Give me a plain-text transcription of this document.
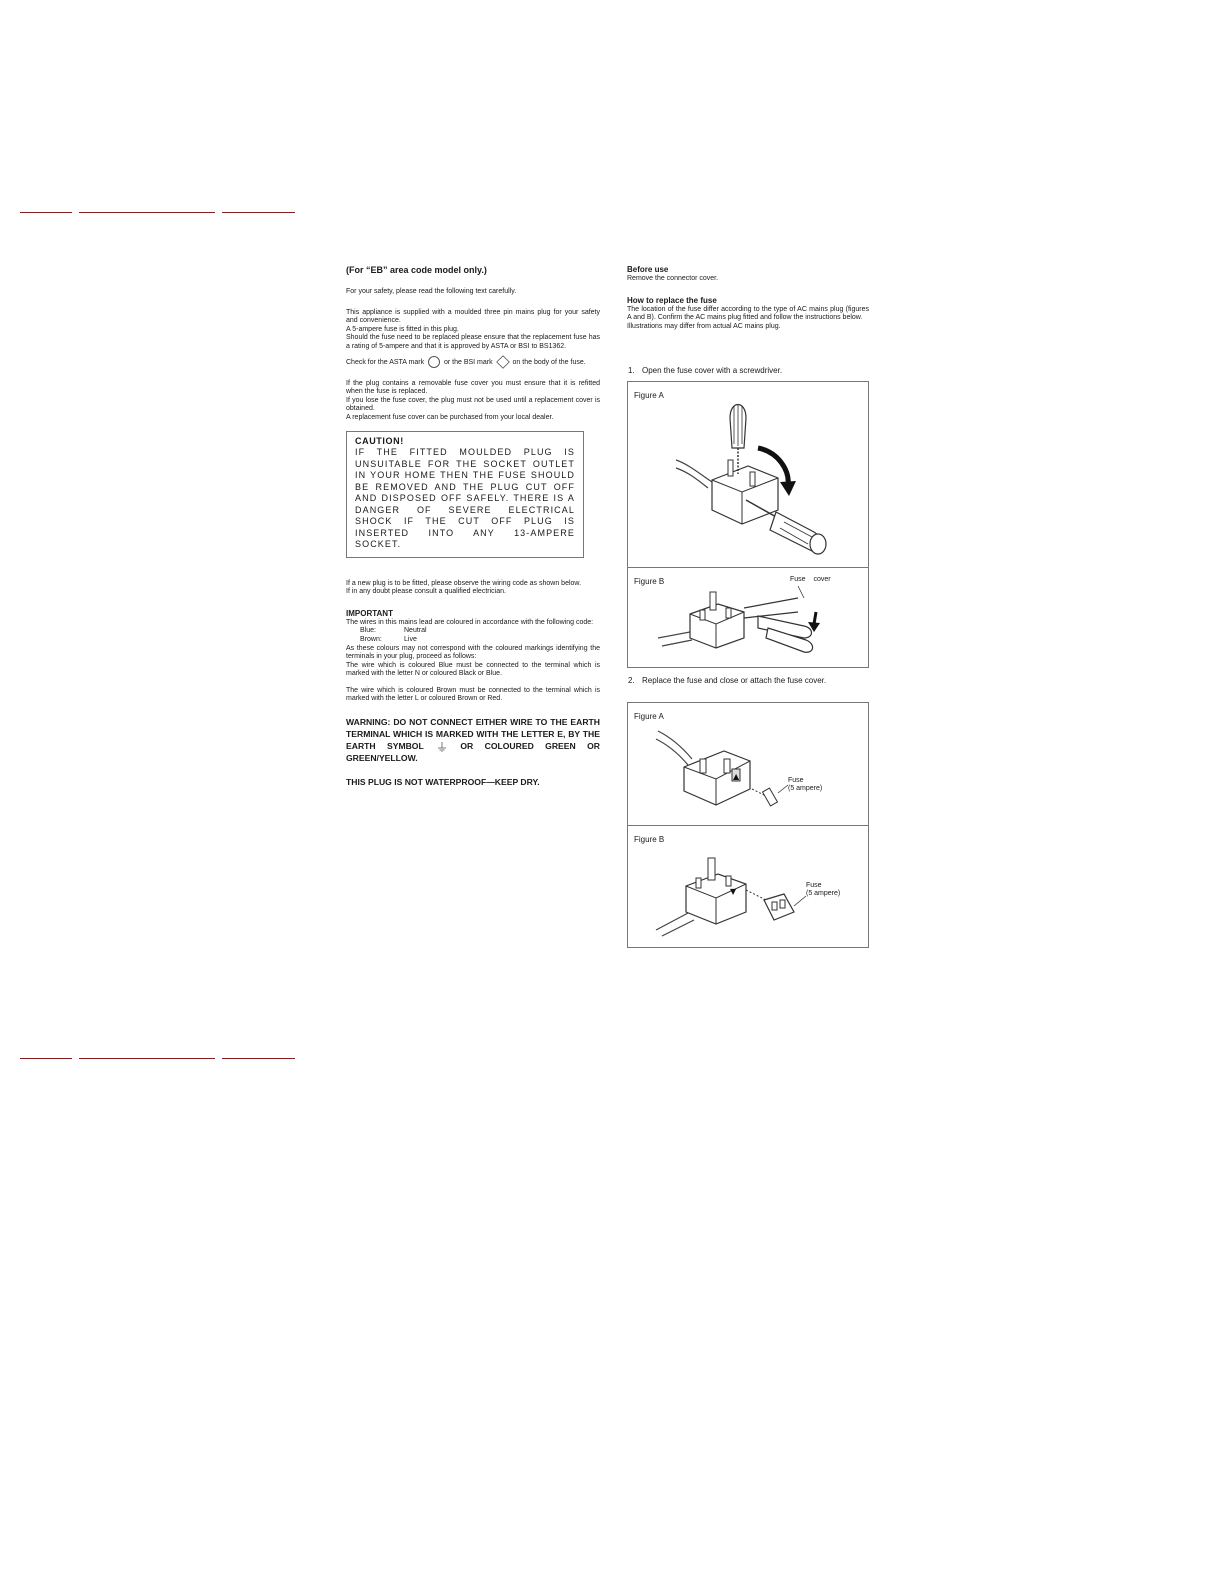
(For “EB” area code model only.)

For your safety, please read the following text carefully.

This appliance is supplied with a moulded three pin mains plug for your safety and convenience.

A 5-ampere fuse is fitted in this plug.

Should the fuse need to be replaced please ensure that the replacement fuse has a rating of 5-ampere and that it is approved by ASTA or BSI to BS1362.

Check for the ASTA mark	or the BSI mark	on the body of the fuse.

If the plug contains a removable fuse cover you must ensure that it is refitted when the fuse is replaced.

If you lose the fuse cover, the plug must not be used until a replacement cover is obtained.

A replacement fuse cover can be purchased from your local dealer.

CAUTION!
IF THE FITTED MOULDED PLUG IS UNSUITABLE FOR THE SOCKET OUTLET IN YOUR HOME THEN THE FUSE SHOULD BE REMOVED AND THE PLUG CUT OFF AND DISPOSED OFF SAFELY. THERE IS A DANGER OF SEVERE ELECTRICAL SHOCK IF THE CUT OFF PLUG IS INSERTED INTO ANY 13-AMPERE SOCKET.

If a new plug is to be fitted, please observe the wiring code as shown below.

If in any doubt please consult a qualified electrician.

IMPORTANT

The wires in this mains lead are coloured in accordance with the following code:

Blue:	Neutral
Brown:	Live

As these colours may not correspond with the coloured markings identifying the terminals in your plug, proceed as follows:

The wire which is coloured Blue must be connected to the terminal which is marked with the letter N or coloured Black or Blue.

The wire which is coloured Brown must be connected to the terminal which is marked with the letter L or coloured Brown or Red.

WARNING: DO NOT CONNECT EITHER WIRE TO THE EARTH TERMINAL WHICH IS MARKED WITH THE LETTER E, BY THE EARTH SYMBOL	OR COLOURED GREEN OR GREEN/YELLOW.

THIS PLUG IS NOT WATERPROOF—KEEP DRY.

Before use

Remove the connector cover.

How to replace the fuse

The location of the fuse differ according to the type of AC mains plug (figures A and B). Confirm the AC mains plug fitted and follow the instructions below.

Illustrations may differ from actual AC mains plug.

1. Open the fuse cover with a screwdriver.
Figure A
Figure B	Fuse cover
2. Replace the fuse and close or attach the fuse cover.
Figure A
Fuse
(5 ampere)
▲
Figure B
Fuse
(5 ampere)
▼
